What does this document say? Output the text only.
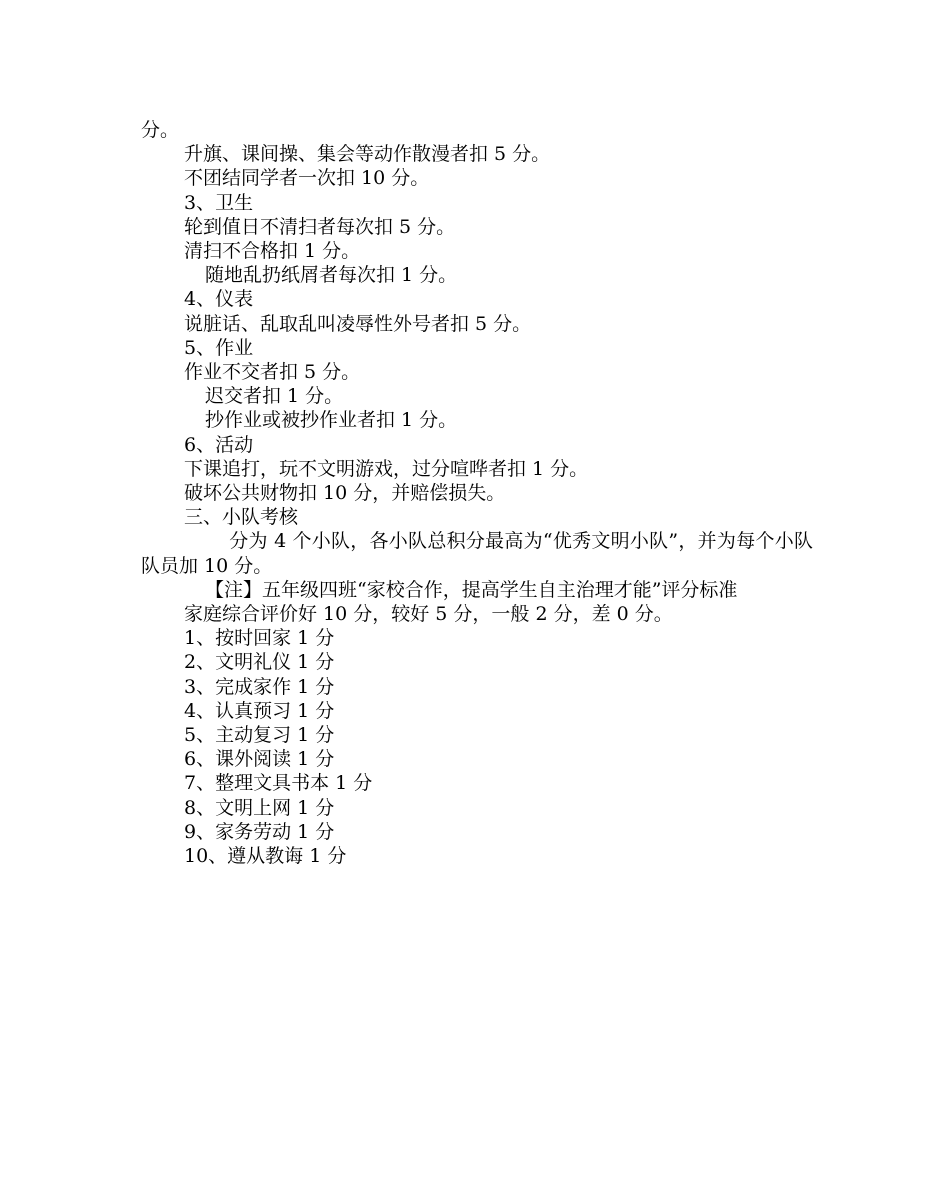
分。

升旗、课间操、集会等动作散漫者扣 5 分。

不团结同学者一次扣 10 分。

3、卫生

轮到值日不清扫者每次扣 5 分。

清扫不合格扣 1 分。

随地乱扔纸屑者每次扣 1 分。

4、仪表

说脏话、乱取乱叫凌辱性外号者扣 5 分。

5、作业

作业不交者扣 5 分。

迟交者扣 1 分。

抄作业或被抄作业者扣 1 分。

6、活动

下课追打，玩不文明游戏，过分喧哗者扣 1 分。

破坏公共财物扣 10 分，并赔偿损失。

三、小队考核

分为 4 个小队，各小队总积分最高为“优秀文明小队”，并为每个小队队员加 10 分。

【注】五年级四班“家校合作，提高学生自主治理才能”评分标准

家庭综合评价好 10 分，较好 5 分，一般 2 分，差 0 分。

1、按时回家 1 分

2、文明礼仪 1 分

3、完成家作 1 分

4、认真预习 1 分

5、主动复习 1 分

6、课外阅读 1 分

7、整理文具书本 1 分

8、文明上网 1 分

9、家务劳动 1 分

10、遵从教诲 1 分
